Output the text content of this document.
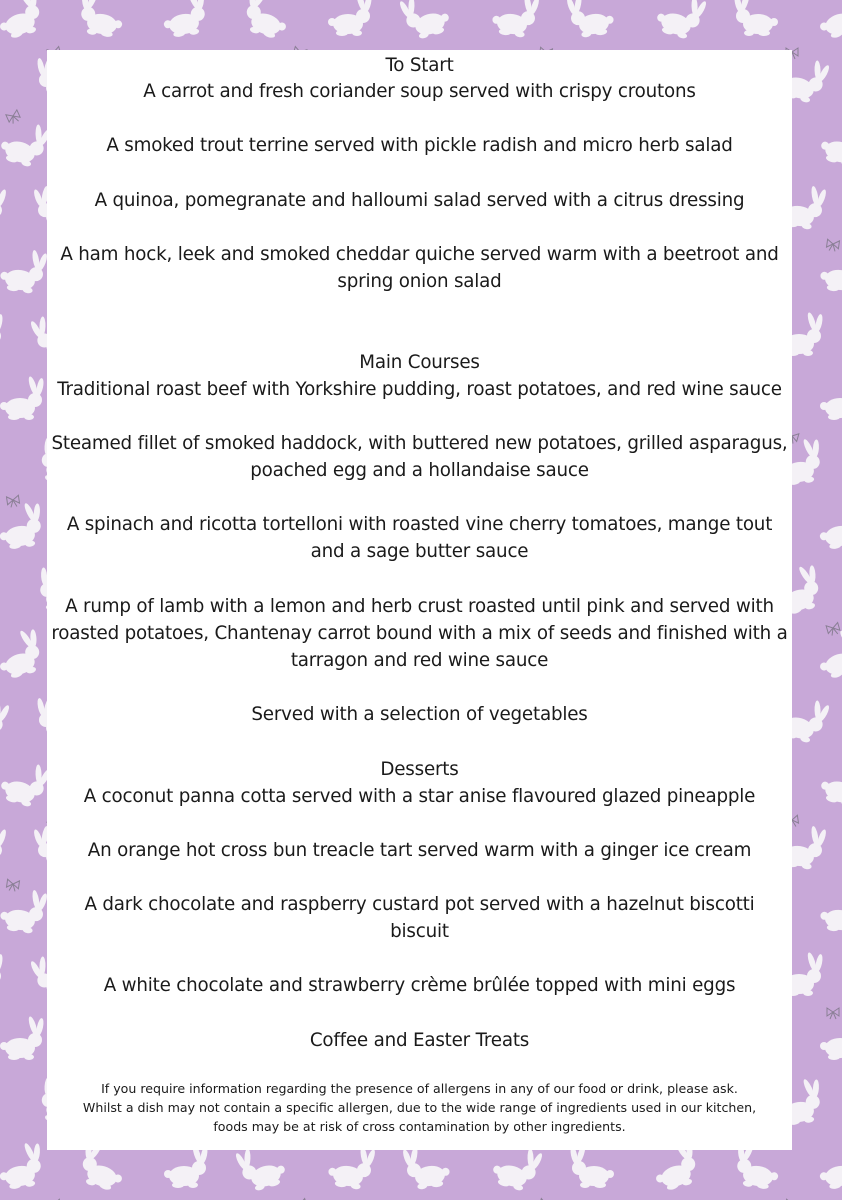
To Start

A carrot and fresh coriander soup served with crispy croutons

A smoked trout terrine served with pickle radish and micro herb salad

A quinoa, pomegranate and halloumi salad served with a citrus dressing

A ham hock, leek and smoked cheddar quiche served warm with a beetroot and

spring onion salad

Main Courses

Traditional roast beef with Yorkshire pudding, roast potatoes, and red wine sauce

Steamed fillet of smoked haddock, with buttered new potatoes, grilled asparagus,

poached egg and a hollandaise sauce

A spinach and ricotta tortelloni with roasted vine cherry tomatoes, mange tout

and a sage butter sauce

A rump of lamb with a lemon and herb crust roasted until pink and served with

roasted potatoes, Chantenay carrot bound with a mix of seeds and finished with a

tarragon and red wine sauce

Served with a selection of vegetables

Desserts

A coconut panna cotta served with a star anise flavoured glazed pineapple

An orange hot cross bun treacle tart served warm with a ginger ice cream

A dark chocolate and raspberry custard pot served with a hazelnut biscotti

biscuit

A white chocolate and strawberry crème brûlée topped with mini eggs

Coffee and Easter Treats

If you require information regarding the presence of allergens in any of our food or drink, please ask.

Whilst a dish may not contain a specific allergen, due to the wide range of ingredients used in our kitchen,

foods may be at risk of cross contamination by other ingredients.
